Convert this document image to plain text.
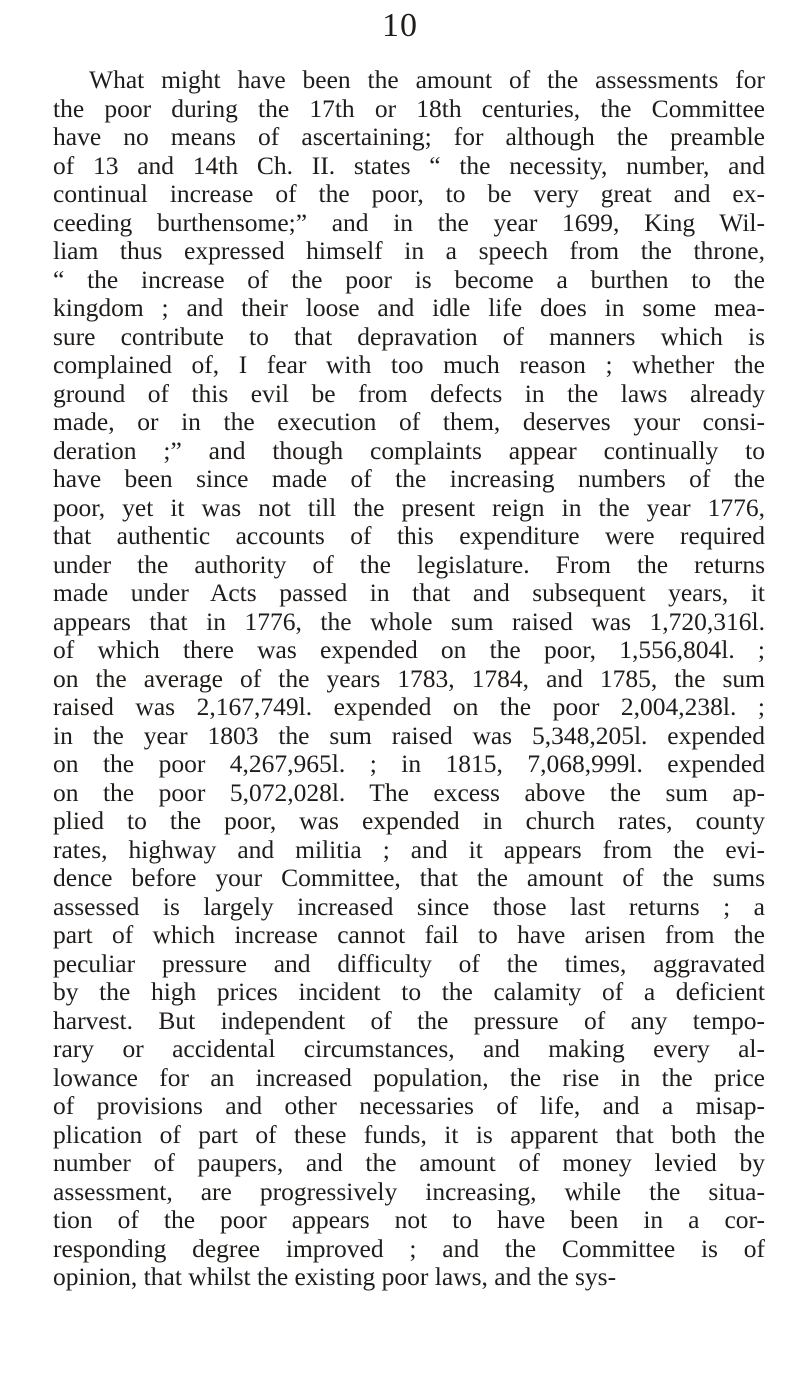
10
What might have been the amount of the assessments for
the poor during the 17th or 18th centuries, the Committee
have no means of ascertaining; for although the preamble
of 13 and 14th Ch. II. states “ the necessity, number, and
continual increase of the poor, to be very great and ex-
ceeding burthensome;” and in the year 1699, King Wil-
liam thus expressed himself in a speech from the throne,
“ the increase of the poor is become a burthen to the
kingdom ; and their loose and idle life does in some mea-
sure contribute to that depravation of manners which is
complained of, I fear with too much reason ; whether the
ground of this evil be from defects in the laws already
made, or in the execution of them, deserves your consi-
deration ;” and though complaints appear continually to
have been since made of the increasing numbers of the
poor, yet it was not till the present reign in the year 1776,
that authentic accounts of this expenditure were required
under the authority of the legislature. From the returns
made under Acts passed in that and subsequent years, it
appears that in 1776, the whole sum raised was 1,720,316l.
of which there was expended on the poor, 1,556,804l. ;
on the average of the years 1783, 1784, and 1785, the sum
raised was 2,167,749l. expended on the poor 2,004,238l. ;
in the year 1803 the sum raised was 5,348,205l. expended
on the poor 4,267,965l. ; in 1815, 7,068,999l. expended
on the poor 5,072,028l. The excess above the sum ap-
plied to the poor, was expended in church rates, county
rates, highway and militia ; and it appears from the evi-
dence before your Committee, that the amount of the sums
assessed is largely increased since those last returns ; a
part of which increase cannot fail to have arisen from the
peculiar pressure and difficulty of the times, aggravated
by the high prices incident to the calamity of a deficient
harvest. But independent of the pressure of any tempo-
rary or accidental circumstances, and making every al-
lowance for an increased population, the rise in the price
of provisions and other necessaries of life, and a misap-
plication of part of these funds, it is apparent that both the
number of paupers, and the amount of money levied by
assessment, are progressively increasing, while the situa-
tion of the poor appears not to have been in a cor-
responding degree improved ; and the Committee is of
opinion, that whilst the existing poor laws, and the sys-
